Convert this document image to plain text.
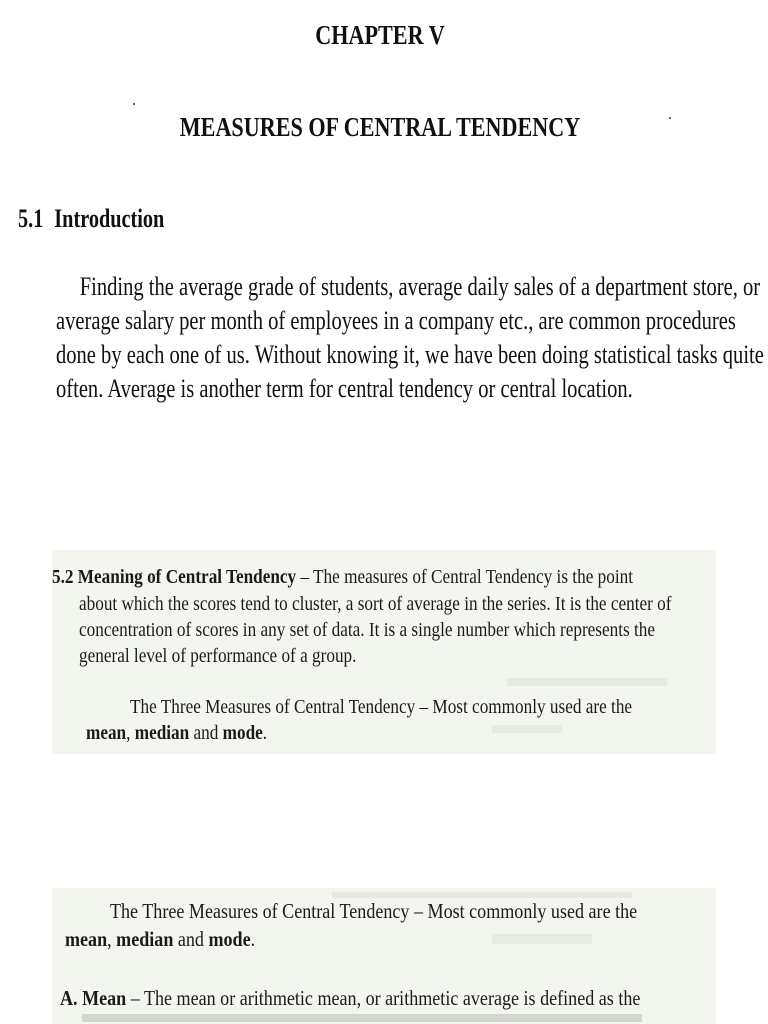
CHAPTER V
MEASURES OF CENTRAL TENDENCY
5.1 Introduction
Finding the average grade of students, average daily sales of a department store, or
average salary per month of employees in a company etc., are common procedures
done by each one of us. Without knowing it, we have been doing statistical tasks quite
often. Average is another term for central tendency or central location.
5.2 Meaning of Central Tendency – The measures of Central Tendency is the point
about which the scores tend to cluster, a sort of average in the series. It is the center of
concentration of scores in any set of data. It is a single number which represents the
general level of performance of a group.
The Three Measures of Central Tendency – Most commonly used are the
mean, median and mode.
The Three Measures of Central Tendency – Most commonly used are the
mean, median and mode.
A. Mean – The mean or arithmetic mean, or arithmetic average is defined as the
